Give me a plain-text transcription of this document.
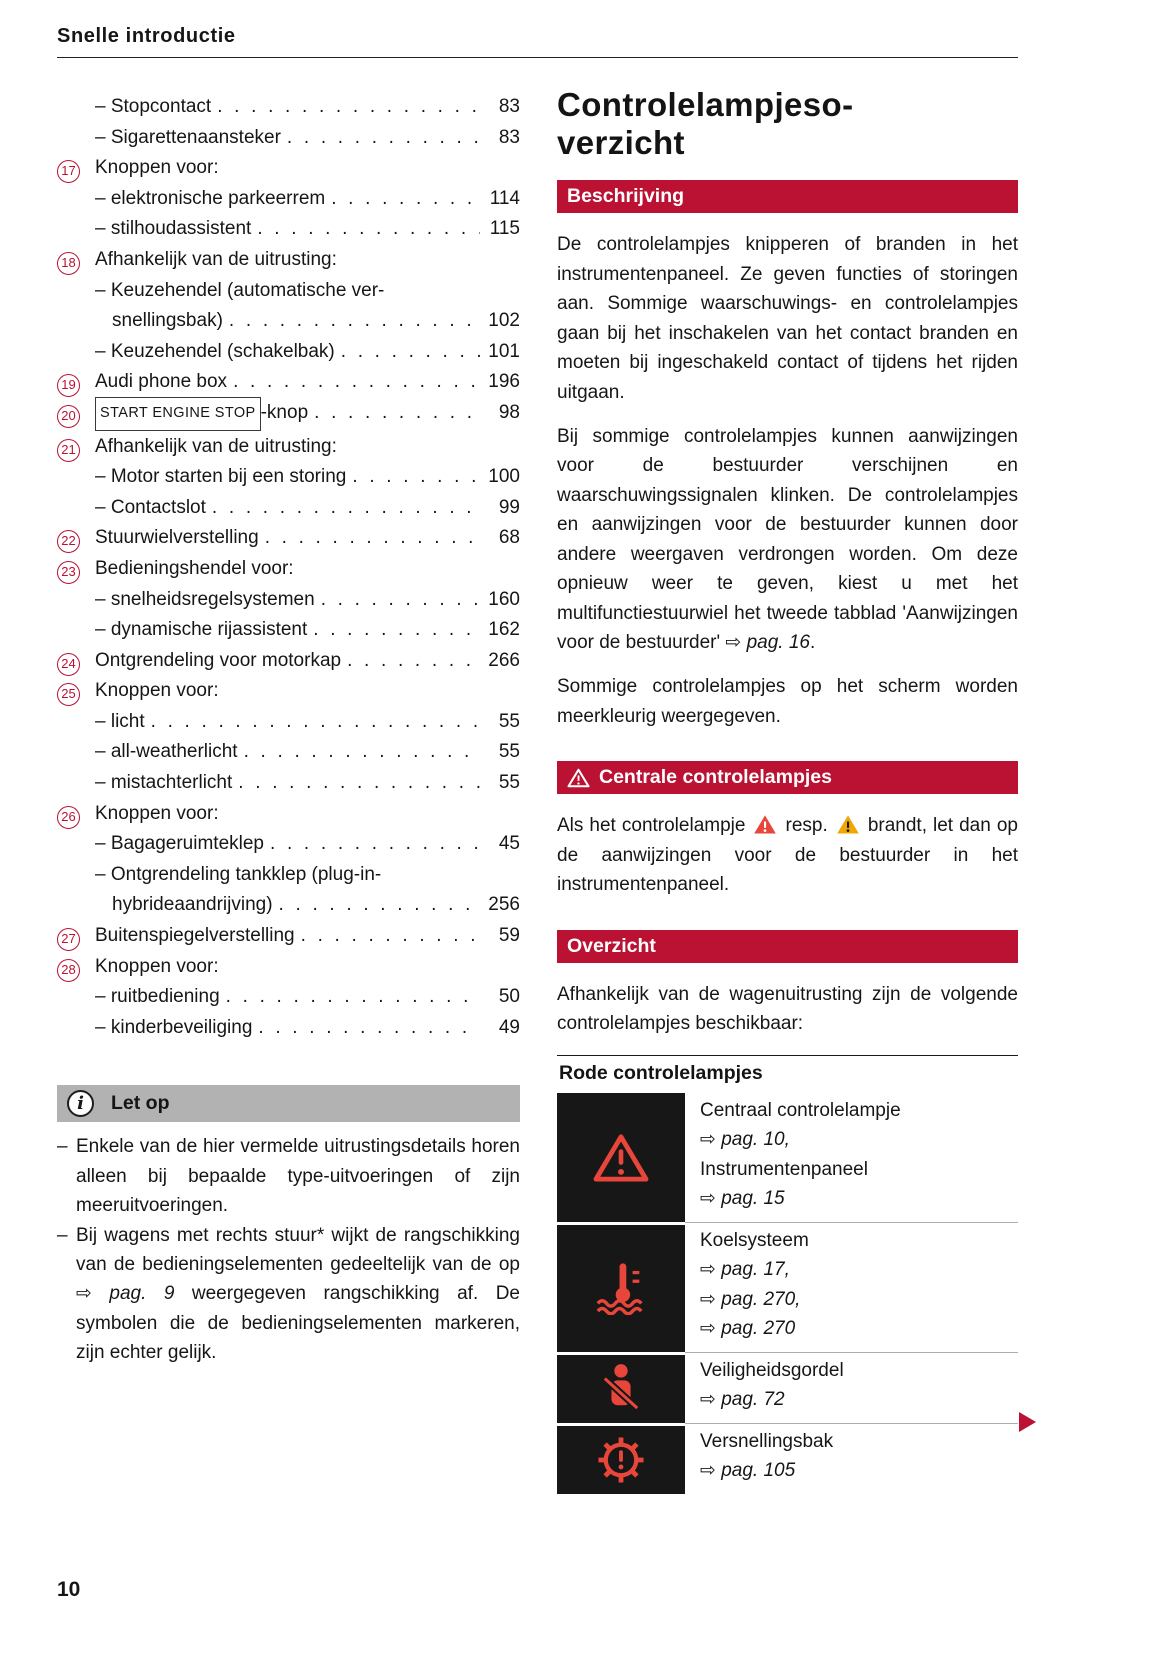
Snelle introductie
– Stopcontact . . .	83
– Sigarettenaansteker . . .	83
17	Knoppen voor:
– elektronische parkeerrem . . .	114
– stilhoudassistent . . .	115
18	Afhankelijk van de uitrusting:
– Keuzehendel (automatische ver-
snellingsbak) . . .	102
– Keuzehendel (schakelbak) . . .	101
19	Audi phone box . . .	196
20	START ENGINE STOP -knop . . .	98
21	Afhankelijk van de uitrusting:
– Motor starten bij een storing . . .	100
– Contactslot . . .	99
22	Stuurwielverstelling . . .	68
23	Bedieningshendel voor:
– snelheidsregelsystemen . . .	160
– dynamische rijassistent . . .	162
24	Ontgrendeling voor motorkap . . .	266
25	Knoppen voor:
– licht . . .	55
– all-weatherlicht . . .	55
– mistachterlicht . . .	55
26	Knoppen voor:
– Bagageruimteklep . . .	45
– Ontgrendeling tankklep (plug-in-
hybrideaandrijving) . . .	256
27	Buitenspiegelverstelling . . .	59
28	Knoppen voor:
– ruitbediening . . .	50
– kinderbeveiliging . . .	49
i	Let op
– Enkele van de hier vermelde uitrustingsdetails horen alleen bij bepaalde type-uitvoeringen of zijn meeruitvoeringen.
– Bij wagens met rechts stuur* wijkt de rangschikking van de bedieningselementen gedeeltelijk van de op ⇨ pag. 9 weergegeven rangschikking af. De symbolen die de bedieningselementen markeren, zijn echter gelijk.
Controlelampjeso-
verzicht
Beschrijving

De controlelampjes knipperen of branden in het instrumentenpaneel. Ze geven functies of storingen aan. Sommige waarschuwings- en controlelampjes gaan bij het inschakelen van het contact branden en moeten bij ingeschakeld contact of tijdens het rijden uitgaan.

Bij sommige controlelampjes kunnen aanwijzingen voor de bestuurder verschijnen en waarschuwingssignalen klinken. De controlelampjes en aanwijzingen voor de bestuurder kunnen door andere weergaven verdrongen worden. Om deze opnieuw weer te geven, kiest u met het multifunctiestuurwiel het tweede tabblad 'Aanwijzingen voor de bestuurder' ⇨ pag. 16.

Sommige controlelampjes op het scherm worden meerkleurig weergegeven.

Centrale controlelampjes

Als het controlelampje  resp.  brandt, let dan op de aanwijzingen voor de bestuurder in het instrumentenpaneel.

Overzicht

Afhankelijk van de wagenuitrusting zijn de volgende controlelampjes beschikbaar:

Rode controlelampjes
Centraal controlelampje
⇨ pag. 10,
Instrumentenpaneel
⇨ pag. 15
Koelsysteem
⇨ pag. 17,
⇨ pag. 270,
⇨ pag. 270
Veiligheidsgordel
⇨ pag. 72
Versnellingsbak
⇨ pag. 105
10
